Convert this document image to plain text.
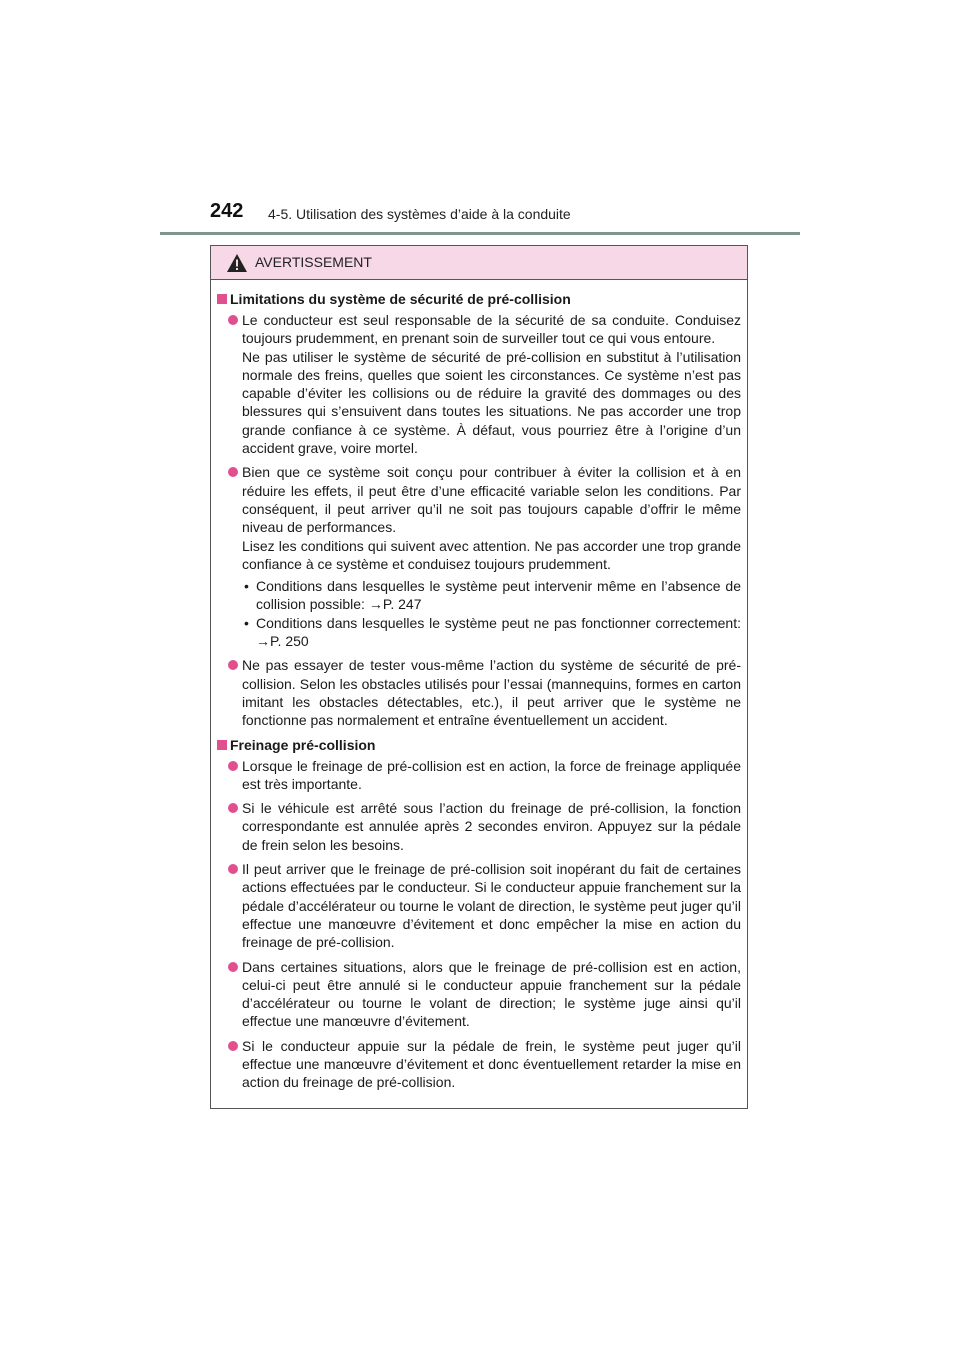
242 4-5. Utilisation des systèmes d’aide à la conduite
AVERTISSEMENT
Limitations du système de sécurité de pré-collision

Le conducteur est seul responsable de la sécurité de sa conduite. Conduisez toujours prudemment, en prenant soin de surveiller tout ce qui vous entoure.

Ne pas utiliser le système de sécurité de pré-collision en substitut à l’utilisation normale des freins, quelles que soient les circonstances. Ce système n’est pas capable d’éviter les collisions ou de réduire la gravité des dommages ou des blessures qui s’ensuivent dans toutes les situations. Ne pas accorder une trop grande confiance à ce système. À défaut, vous pourriez être à l’origine d’un accident grave, voire mortel.

Bien que ce système soit conçu pour contribuer à éviter la collision et à en réduire les effets, il peut être d’une efficacité variable selon les conditions. Par conséquent, il peut arriver qu’il ne soit pas toujours capable d’offrir le même niveau de performances.

Lisez les conditions qui suivent avec attention. Ne pas accorder une trop grande confiance à ce système et conduisez toujours prudemment.

• Conditions dans lesquelles le système peut intervenir même en l’absence de collision possible: →P. 247
• Conditions dans lesquelles le système peut ne pas fonctionner correctement: →P. 250

Ne pas essayer de tester vous-même l’action du système de sécurité de pré-collision. Selon les obstacles utilisés pour l’essai (mannequins, formes en carton imitant les obstacles détectables, etc.), il peut arriver que le système ne fonctionne pas normalement et entraîne éventuellement un accident.

Freinage pré-collision

Lorsque le freinage de pré-collision est en action, la force de freinage appliquée est très importante.

Si le véhicule est arrêté sous l’action du freinage de pré-collision, la fonction correspondante est annulée après 2 secondes environ. Appuyez sur la pédale de frein selon les besoins.

Il peut arriver que le freinage de pré-collision soit inopérant du fait de certaines actions effectuées par le conducteur. Si le conducteur appuie franchement sur la pédale d’accélérateur ou tourne le volant de direction, le système peut juger qu’il effectue une manœuvre d’évitement et donc empêcher la mise en action du freinage de pré-collision.

Dans certaines situations, alors que le freinage de pré-collision est en action, celui-ci peut être annulé si le conducteur appuie franchement sur la pédale d’accélérateur ou tourne le volant de direction; le système juge ainsi qu’il effectue une manœuvre d’évitement.

Si le conducteur appuie sur la pédale de frein, le système peut juger qu’il effectue une manœuvre d’évitement et donc éventuellement retarder la mise en action du freinage de pré-collision.
